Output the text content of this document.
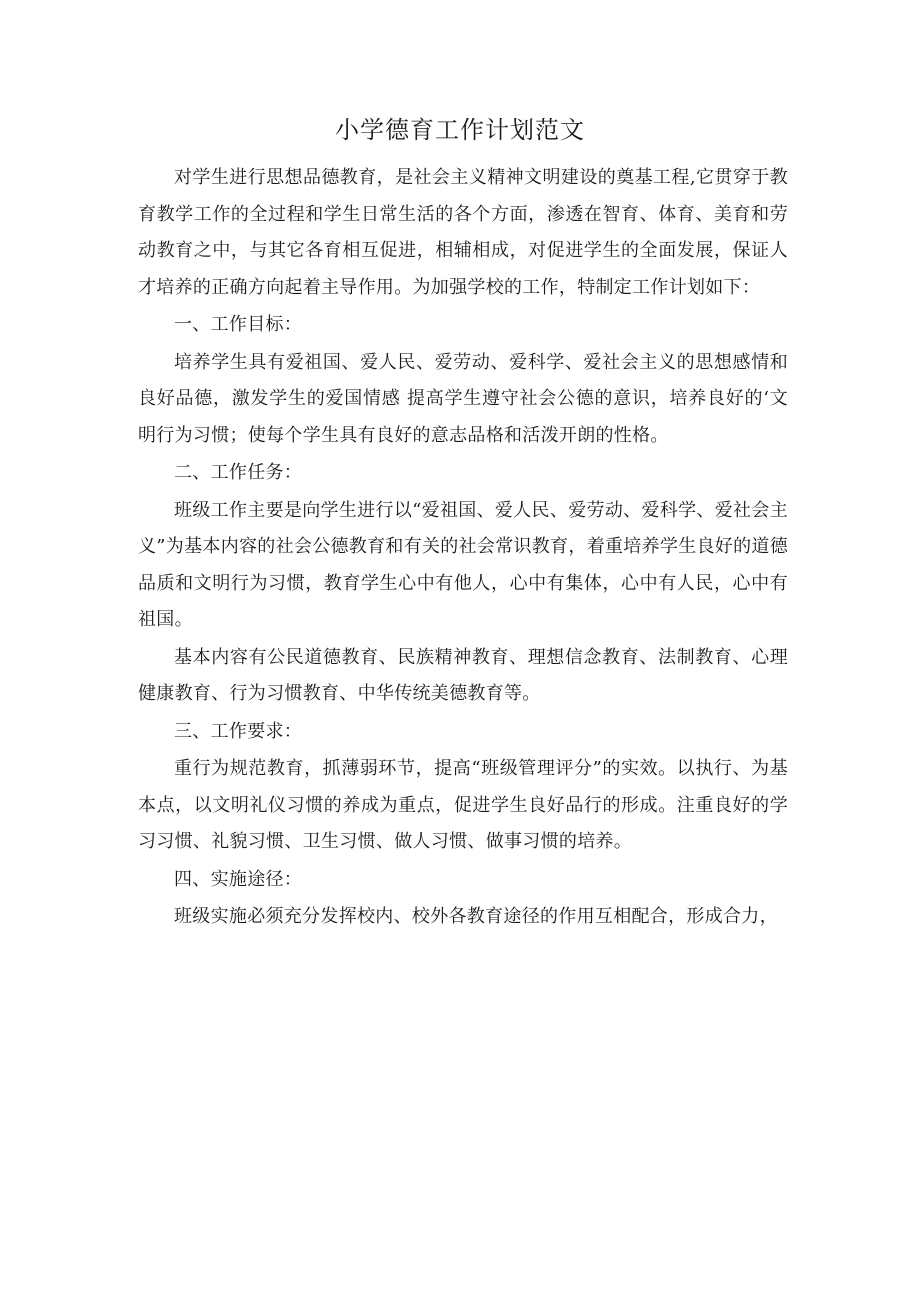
小学德育工作计划范文

对学生进行思想品德教育，是社会主义精神文明建设的奠基工程,它贯穿于教育教学工作的全过程和学生日常生活的各个方面，渗透在智育、体育、美育和劳动教育之中，与其它各育相互促进，相辅相成，对促进学生的全面发展，保证人才培养的正确方向起着主导作用。为加强学校的工作，特制定工作计划如下：

一、工作目标：

培养学生具有爱祖国、爱人民、爱劳动、爱科学、爱社会主义的思想感情和良好品德，激发学生的爱国情感 提高学生遵守社会公德的意识，培养良好的‘文明行为习惯；使每个学生具有良好的意志品格和活泼开朗的性格。

二、工作任务：

班级工作主要是向学生进行以“爱祖国、爱人民、爱劳动、爱科学、爱社会主义”为基本内容的社会公德教育和有关的社会常识教育，着重培养学生良好的道德品质和文明行为习惯，教育学生心中有他人，心中有集体，心中有人民，心中有祖国。

基本内容有公民道德教育、民族精神教育、理想信念教育、法制教育、心理健康教育、行为习惯教育、中华传统美德教育等。

三、工作要求：

重行为规范教育，抓薄弱环节，提高“班级管理评分”的实效。以执行、为基本点，以文明礼仪习惯的养成为重点，促进学生良好品行的形成。注重良好的学习习惯、礼貌习惯、卫生习惯、做人习惯、做事习惯的培养。

四、实施途径：

班级实施必须充分发挥校内、校外各教育途径的作用互相配合，形成合力，
